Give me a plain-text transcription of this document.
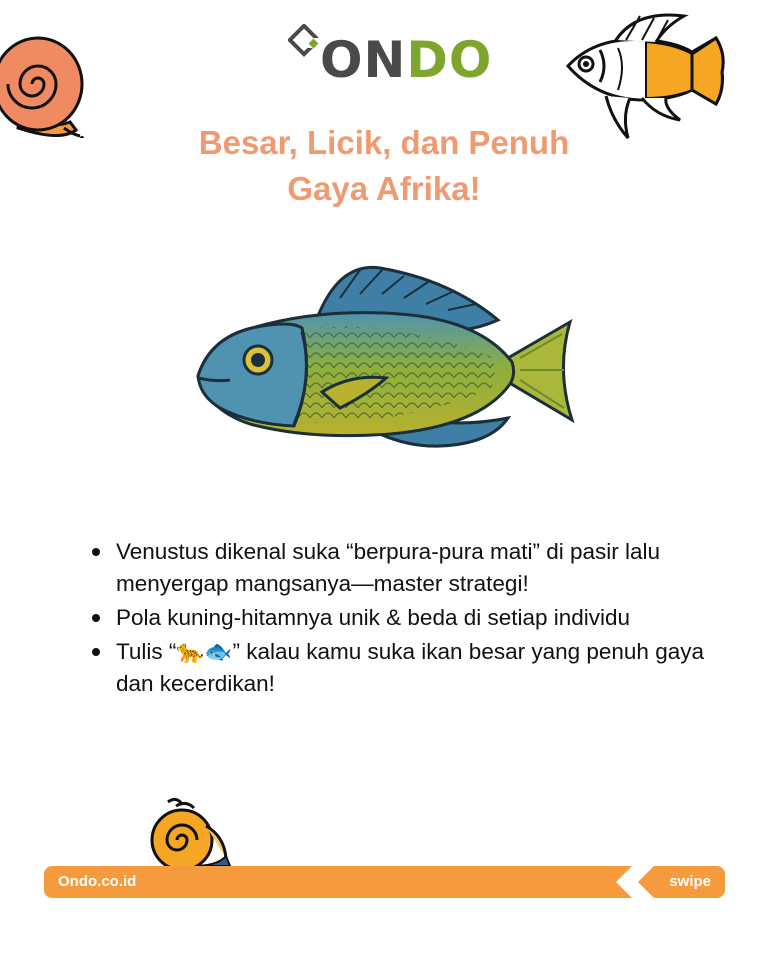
ONDO
Besar, Licik, dan Penuh
Gaya Afrika!
Venustus dikenal suka “berpura-pura mati” di pasir lalu menyergap mangsanya—master strategi!
Pola kuning-hitamnya unik & beda di setiap individu
Tulis “🐆🐟” kalau kamu suka ikan besar yang penuh gaya dan kecerdikan!
Ondo.co.id	swipe
